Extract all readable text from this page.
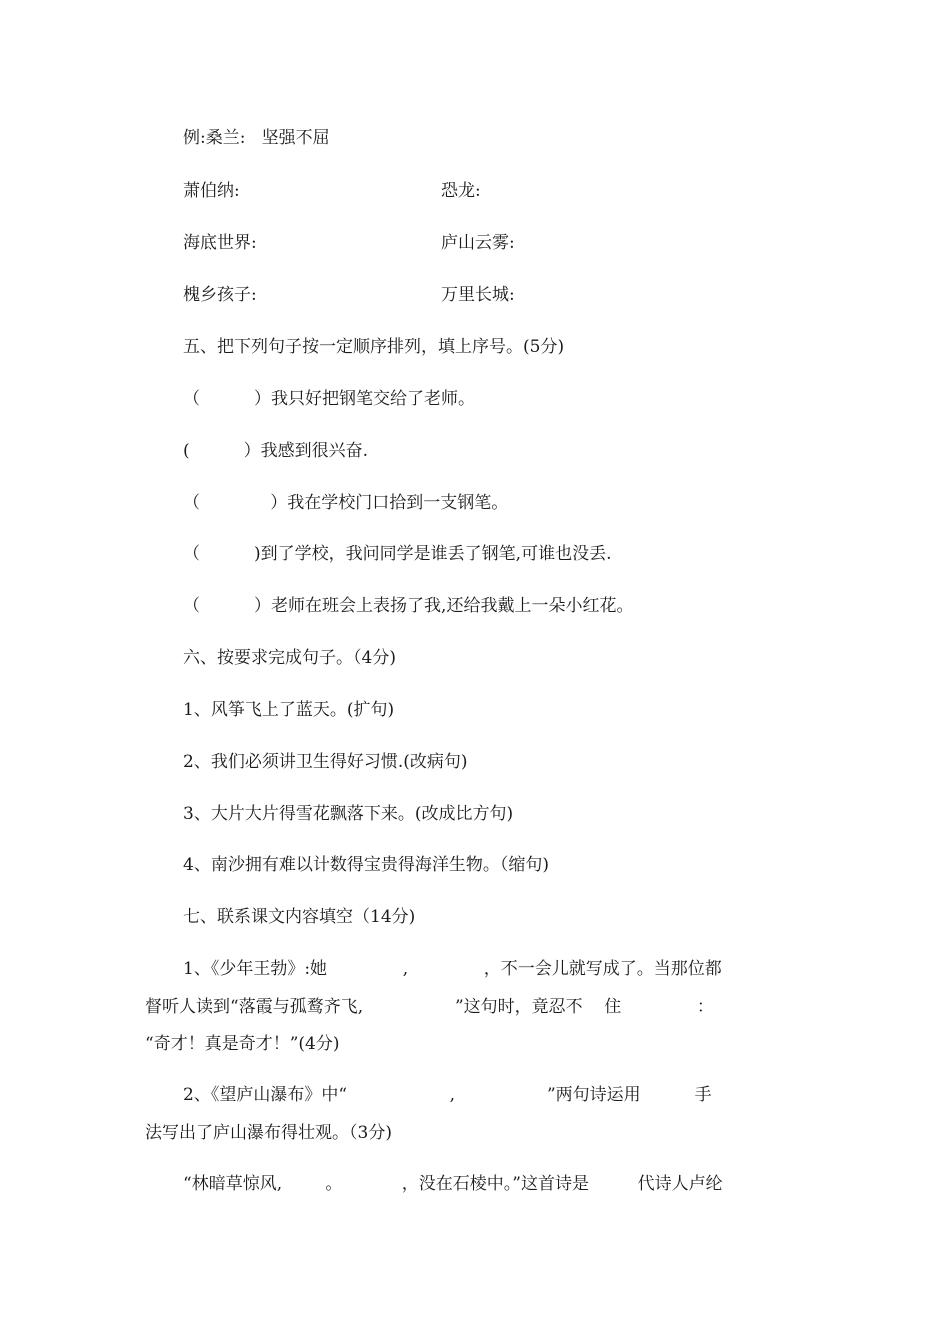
例:桑兰:   坚强不屈
萧伯纳:	恐龙:
海底世界:	庐山云雾:
槐乡孩子:	万里长城:
五、把下列句子按一定顺序排列，填上序号。(5分)
（          ）我只好把钢笔交给了老师。
(          ）我感到很兴奋.
（             ）我在学校门口拾到一支钢笔。
（          )到了学校，我问同学是谁丢了钢笔,可谁也没丢.
（          ）老师在班会上表扬了我,还给我戴上一朵小红花。
六、按要求完成句子。（4分)
1、风筝飞上了蓝天。(扩句)
2、我们必须讲卫生得好习惯.(改病句)
3、大片大片得雪花飘落下来。(改成比方句)
4、南沙拥有难以计数得宝贵得海洋生物。（缩句)
七、联系课文内容填空（14分)
1、《少年王勃》:她              ,              ，不一会儿就写成了。当那位都
督听人读到“落霞与孤鹜齐飞,                 ”这句时，竟忍不    住              ：
“奇才！真是奇才！”(4分)
2、《望庐山瀑布》中“                   ,                 ”两句诗运用          手
法写出了庐山瀑布得壮观。（3分)
“林暗草惊风,        。           ，没在石棱中。”这首诗是         代诗人卢纶
